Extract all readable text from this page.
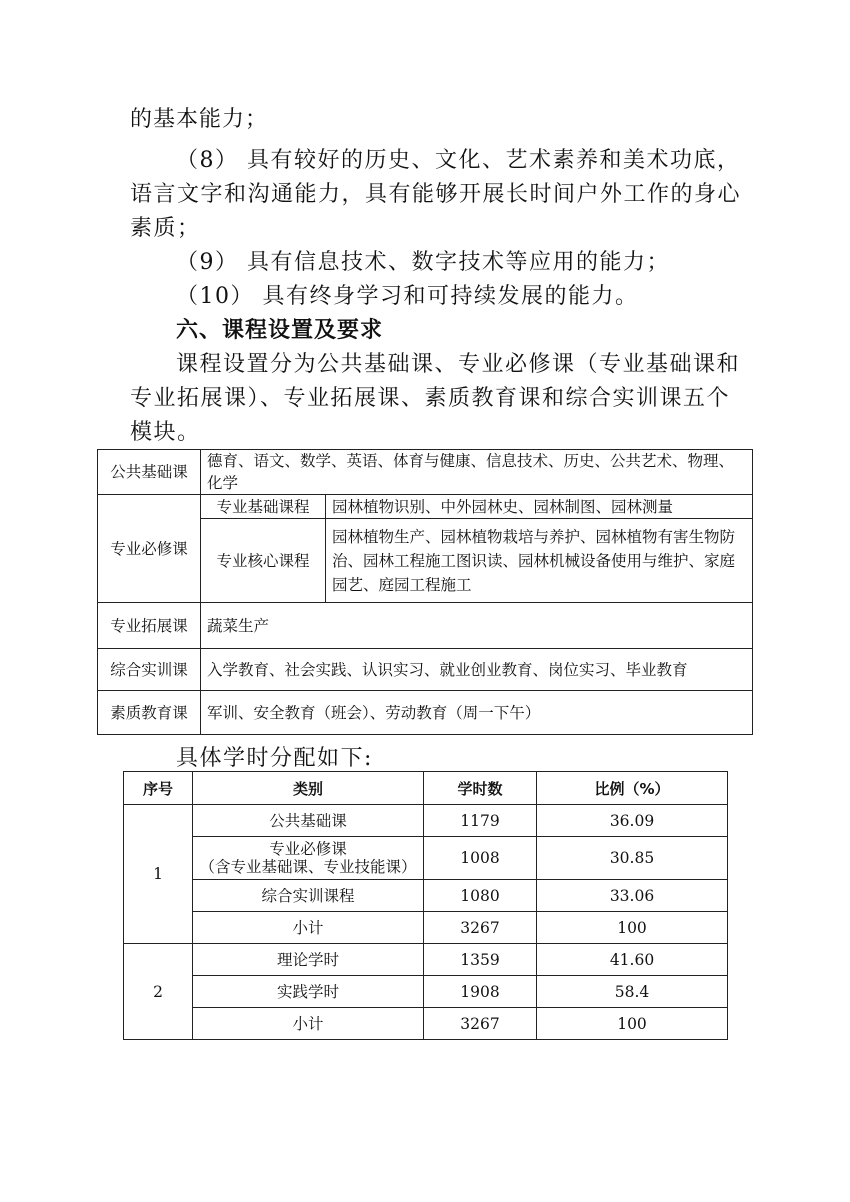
的基本能力；
（8） 具有较好的历史、文化、艺术素养和美术功底，
语言文字和沟通能力，具有能够开展长时间户外工作的身心
素质；
（9） 具有信息技术、数字技术等应用的能力；
（10） 具有终身学习和可持续发展的能力。
六、课程设置及要求
课程设置分为公共基础课、专业必修课（专业基础课和
专业拓展课）、专业拓展课、素质教育课和综合实训课五个
模块。
公共基础课	德育、语文、数学、英语、体育与健康、信息技术、历史、公共艺术、物理、化学	
专业必修课	专业基础课程	园林植物识别、中外园林史、园林制图、园林测量
	专业核心课程	园林植物生产、园林植物栽培与养护、园林植物有害生物防治、园林工程施工图识读、园林机械设备使用与维护、家庭园艺、庭园工程施工
专业拓展课	蔬菜生产	
综合实训课	入学教育、社会实践、认识实习、就业创业教育、岗位实习、毕业教育	
素质教育课	军训、安全教育（班会）、劳动教育（周一下午）	
具体学时分配如下:
序号	类别	学时数	比例（%）
1	公共基础课	1179	36.09

	专业必修课
（含专业基础课、专业技能课）	1008	30.85
	综合实训课程	1080	33.06
	小计	3267	100
2	理论学时	1359	41.60
	实践学时	1908	58.4
	小计	3267	100
